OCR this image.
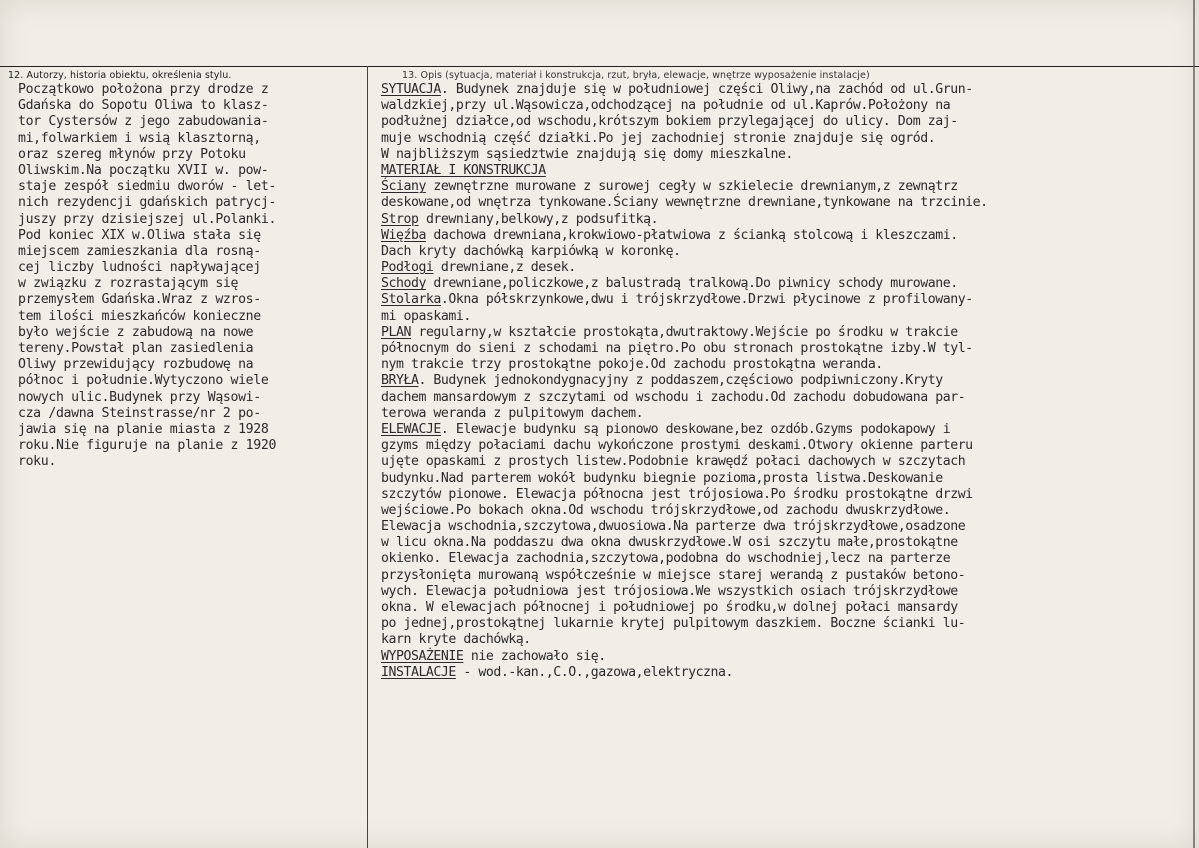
12. Autorzy, historia obiektu, określenia stylu.	13. Opis (sytuacja, materiał i konstrukcja, rzut, bryła, elewacje, wnętrze wyposażenie instalacje)
Początkowo położona przy drodze z
Gdańska do Sopotu Oliwa to klasz-
tor Cystersów z jego zabudowania-
mi,folwarkiem i wsią klasztorną,
oraz szereg młynów przy Potoku
Oliwskim.Na początku XVII w. pow-
staje zespół siedmiu dworów - let-
nich rezydencji gdańskich patrycj-
juszy przy dzisiejszej ul.Polanki.
Pod koniec XIX w.Oliwa stała się
miejscem zamieszkania dla rosną-
cej liczby ludności napływającej
w związku z rozrastającym się
przemysłem Gdańska.Wraz z wzros-
tem ilości mieszkańców konieczne
było wejście z zabudową na nowe
tereny.Powstał plan zasiedlenia
Oliwy przewidujący rozbudowę na
północ i południe.Wytyczono wiele
nowych ulic.Budynek przy Wąsowi-
cza /dawna Steinstrasse/nr 2 po-
jawia się na planie miasta z 1928
roku.Nie figuruje na planie z 1920
roku.
SYTUACJA. Budynek znajduje się w południowej części Oliwy,na zachód od ul.Grun-
waldzkiej,przy ul.Wąsowicza,odchodzącej na południe od ul.Kaprów.Położony na
podłużnej działce,od wschodu,krótszym bokiem przylegającej do ulicy. Dom zaj-
muje wschodnią część działki.Po jej zachodniej stronie znajduje się ogród.
W najbliższym sąsiedztwie znajdują się domy mieszkalne.
MATERIAŁ I KONSTRUKCJA
Ściany zewnętrzne murowane z surowej cegły w szkielecie drewnianym,z zewnątrz
deskowane,od wnętrza tynkowane.Ściany wewnętrzne drewniane,tynkowane na trzcinie.
Strop drewniany,belkowy,z podsufitką.
Więźba dachowa drewniana,krokwiowo-płatwiowa z ścianką stolcową i kleszczami.
Dach kryty dachówką karpiówką w koronkę.
Podłogi drewniane,z desek.
Schody drewniane,policzkowe,z balustradą tralkową.Do piwnicy schody murowane.
Stolarka.Okna półskrzynkowe,dwu i trójskrzydłowe.Drzwi płycinowe z profilowany-
mi opaskami.
PLAN regularny,w kształcie prostokąta,dwutraktowy.Wejście po środku w trakcie
północnym do sieni z schodami na piętro.Po obu stronach prostokątne izby.W tyl-
nym trakcie trzy prostokątne pokoje.Od zachodu prostokątna weranda.
BRYŁA. Budynek jednokondygnacyjny z poddaszem,częściowo podpiwniczony.Kryty
dachem mansardowym z szczytami od wschodu i zachodu.Od zachodu dobudowana par-
terowa weranda z pulpitowym dachem.
ELEWACJE. Elewacje budynku są pionowo deskowane,bez ozdób.Gzyms podokapowy i
gzyms między połaciami dachu wykończone prostymi deskami.Otwory okienne parteru
ujęte opaskami z prostych listew.Podobnie krawędź połaci dachowych w szczytach
budynku.Nad parterem wokół budynku biegnie pozioma,prosta listwa.Deskowanie
szczytów pionowe. Elewacja północna jest trójosiowa.Po środku prostokątne drzwi
wejściowe.Po bokach okna.Od wschodu trójskrzydłowe,od zachodu dwuskrzydłowe.
Elewacja wschodnia,szczytowa,dwuosiowa.Na parterze dwa trójskrzydłowe,osadzone
w licu okna.Na poddaszu dwa okna dwuskrzydłowe.W osi szczytu małe,prostokątne
okienko. Elewacja zachodnia,szczytowa,podobna do wschodniej,lecz na parterze
przysłonięta murowaną współcześnie w miejsce starej werandą z pustaków betono-
wych. Elewacja południowa jest trójosiowa.We wszystkich osiach trójskrzydłowe
okna. W elewacjach północnej i południowej po środku,w dolnej połaci mansardy
po jednej,prostokątnej lukarnie krytej pulpitowym daszkiem. Boczne ścianki lu-
karn kryte dachówką.
WYPOSAŻENIE nie zachowało się.
INSTALACJE - wod.-kan.,C.O.,gazowa,elektryczna.
